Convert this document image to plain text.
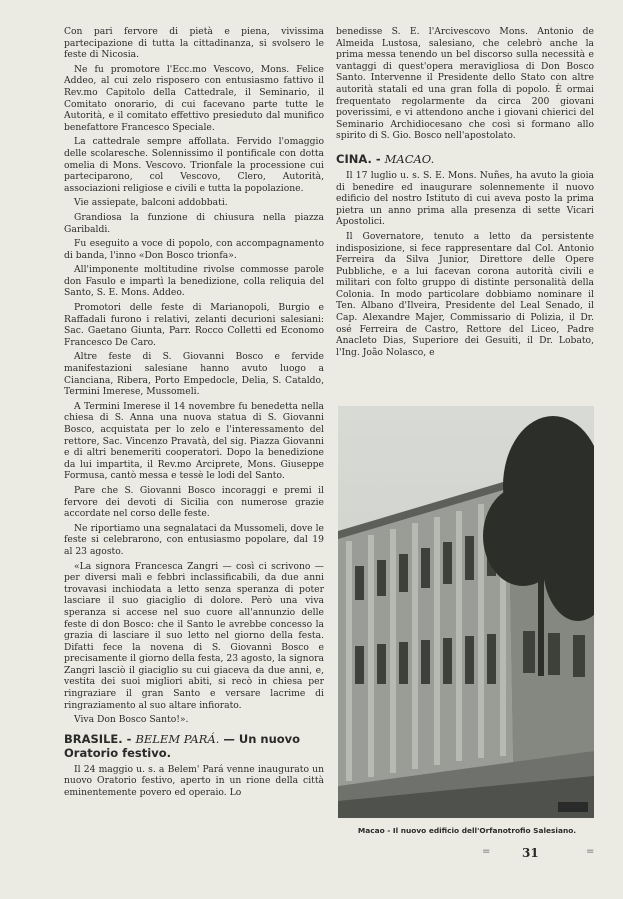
Con pari fervore di pietà e piena, vivissima partecipazione di tutta la cittadinanza, si svolsero le feste di Nicosia.

Ne fu promotore l'Ecc.mo Vescovo, Mons. Felice Addeo, al cui zelo risposero con entusiasmo fattivo il Rev.mo Capitolo della Cattedrale, il Seminario, il Comitato onorario, di cui facevano parte tutte le Autorità, e il comitato effettivo presieduto dal munifico benefattore Francesco Speciale.

La cattedrale sempre affollata. Fervido l'omaggio delle scolaresche. Solennissimo il pontificale con dotta omelia di Mons. Vescovo. Trionfale la processione cui parteciparono, col Vescovo, Clero, Autorità, associazioni religiose e civili e tutta la popolazione.

Vie assiepate, balconi addobbati.

Grandiosa la funzione di chiusura nella piazza Garibaldi.

Fu eseguito a voce di popolo, con accompagnamento di banda, l'inno «Don Bosco trionfa».

All'imponente moltitudine rivolse commosse parole don Fasulo e impartì la benedizione, colla reliquia del Santo, S. E. Mons. Addeo.

Promotori delle feste di Marianopoli, Burgio e Raffadali furono i relativi, zelanti decurioni salesiani: Sac. Gaetano Giunta, Parr. Rocco Colletti ed Economo Francesco De Caro.

Altre feste di S. Giovanni Bosco e fervide manifestazioni salesiane hanno avuto luogo a Cianciana, Ribera, Porto Empedocle, Delia, S. Cataldo, Termini Imerese, Mussomeli.

A Termini Imerese il 14 novembre fu benedetta nella chiesa di S. Anna una nuova statua di S. Giovanni Bosco, acquistata per lo zelo e l'interessamento del rettore, Sac. Vincenzo Pravatà, del sig. Piazza Giovanni e di altri benemeriti cooperatori. Dopo la benedizione da lui impartita, il Rev.mo Arciprete, Mons. Giuseppe Formusa, cantò messa e tessè le lodi del Santo.

Pare che S. Giovanni Bosco incoraggi e premi il fervore dei devoti di Sicilia con numerose grazie accordate nel corso delle feste.

Ne riportiamo una segnalataci da Mussomeli, dove le feste si celebrarono, con entusiasmo popolare, dal 19 al 23 agosto.

«La signora Francesca Zangri — così ci scrivono — per diversi mali e febbri inclassificabili, da due anni trovavasi inchiodata a letto senza speranza di poter lasciare il suo giaciglio di dolore. Però una viva speranza si accese nel suo cuore all'annunzio delle feste di don Bosco: che il Santo le avrebbe concesso la grazia di lasciare il suo letto nel giorno della festa. Difatti fece la novena di S. Giovanni Bosco e precisamente il giorno della festa, 23 agosto, la signora Zangri lasciò il giaciglio su cui giaceva da due anni, e, vestita dei suoi migliori abiti, si recò in chiesa per ringraziare il gran Santo e versare lacrime di ringraziamento al suo altare infiorato.

Viva Don Bosco Santo!».

BRASILE. - BELEM PARÁ. — Un nuovo Oratorio festivo.

Il 24 maggio u. s. a Belem' Pará venne inaugurato un nuovo Oratorio festivo, aperto in un rione della città eminentemente povero ed operaio. Lo

benedisse S. E. l'Arcivescovo Mons. Antonio de Almeida Lustosa, salesiano, che celebrò anche la prima messa tenendo un bel discorso sulla necessità e vantaggi di quest'opera meravigliosa di Don Bosco Santo. Intervenne il Presidente dello Stato con altre autorità statali ed una gran folla di popolo. È ormai frequentato regolarmente da circa 200 giovani poverissimi, e vi attendono anche i giovani chierici del Seminario Archidiocesano che così si formano allo spirito di S. Gio. Bosco nell'apostolato.

CINA. - MACAO.

Il 17 luglio u. s. S. E. Mons. Nuñes, ha avuto la gioia di benedire ed inaugurare solennemente il nuovo edificio del nostro Istituto di cui aveva posto la prima pietra un anno prima alla presenza di sette Vicari Apostolici.

Il Governatore, tenuto a letto da persistente indisposizione, si fece rappresentare dal Col. Antonio Ferreira da Silva Junior, Direttore delle Opere Pubbliche, e a lui facevan corona autorità civili e militari con folto gruppo di distinte personalità della Colonia. In modo particolare dobbiamo nominare il Ten. Albano d'Ilveira, Presidente del Leal Senado, il Cap. Alexandre Majer, Commissario di Polizia, il Dr. osé Ferreira de Castro, Rettore del Liceo, Padre Anacleto Dias, Superiore dei Gesuiti, il Dr. Lobato, l'Ing. João Nolasco, e

Macao - Il nuovo edificio dell'Orfanotrofio Salesiano.
=	31	=
